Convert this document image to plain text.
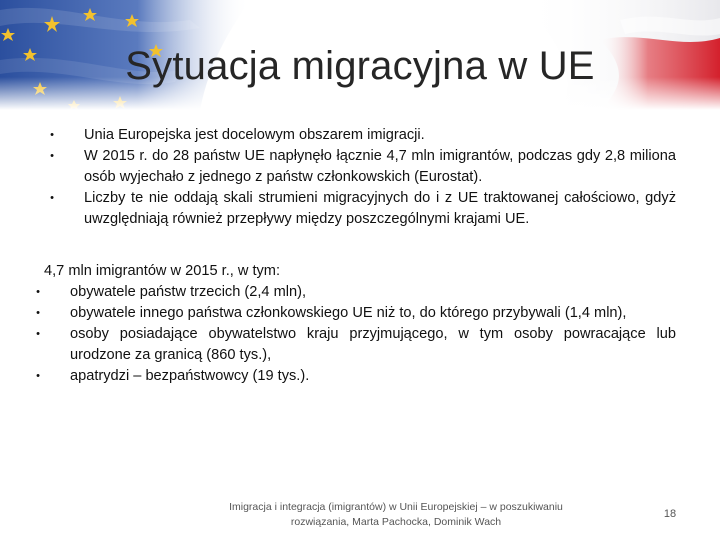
Sytuacja migracyjna w UE
• Unia Europejska jest docelowym obszarem imigracji.
• W 2015 r. do 28 państw UE napłynęło łącznie 4,7 mln imigrantów, podczas gdy 2,8 miliona osób wyjechało z jednego z państw członkowskich (Eurostat).
• Liczby te nie oddają skali strumieni migracyjnych do i z UE traktowanej całościowo, gdyż uwzględniają również przepływy między poszczególnymi krajami UE.
4,7 mln imigrantów w 2015 r., w tym:
• obywatele państw trzecich (2,4 mln),
• obywatele innego państwa członkowskiego UE niż to, do którego przybywali (1,4 mln),
• osoby posiadające obywatelstwo kraju przyjmującego, w tym osoby powracające lub urodzone za granicą (860 tys.),
• apatrydzi – bezpaństwowcy (19 tys.).
Imigracja i integracja (imigrantów) w Unii Europejskiej – w poszukiwaniu
rozwiązania, Marta Pachocka, Dominik Wach
18
